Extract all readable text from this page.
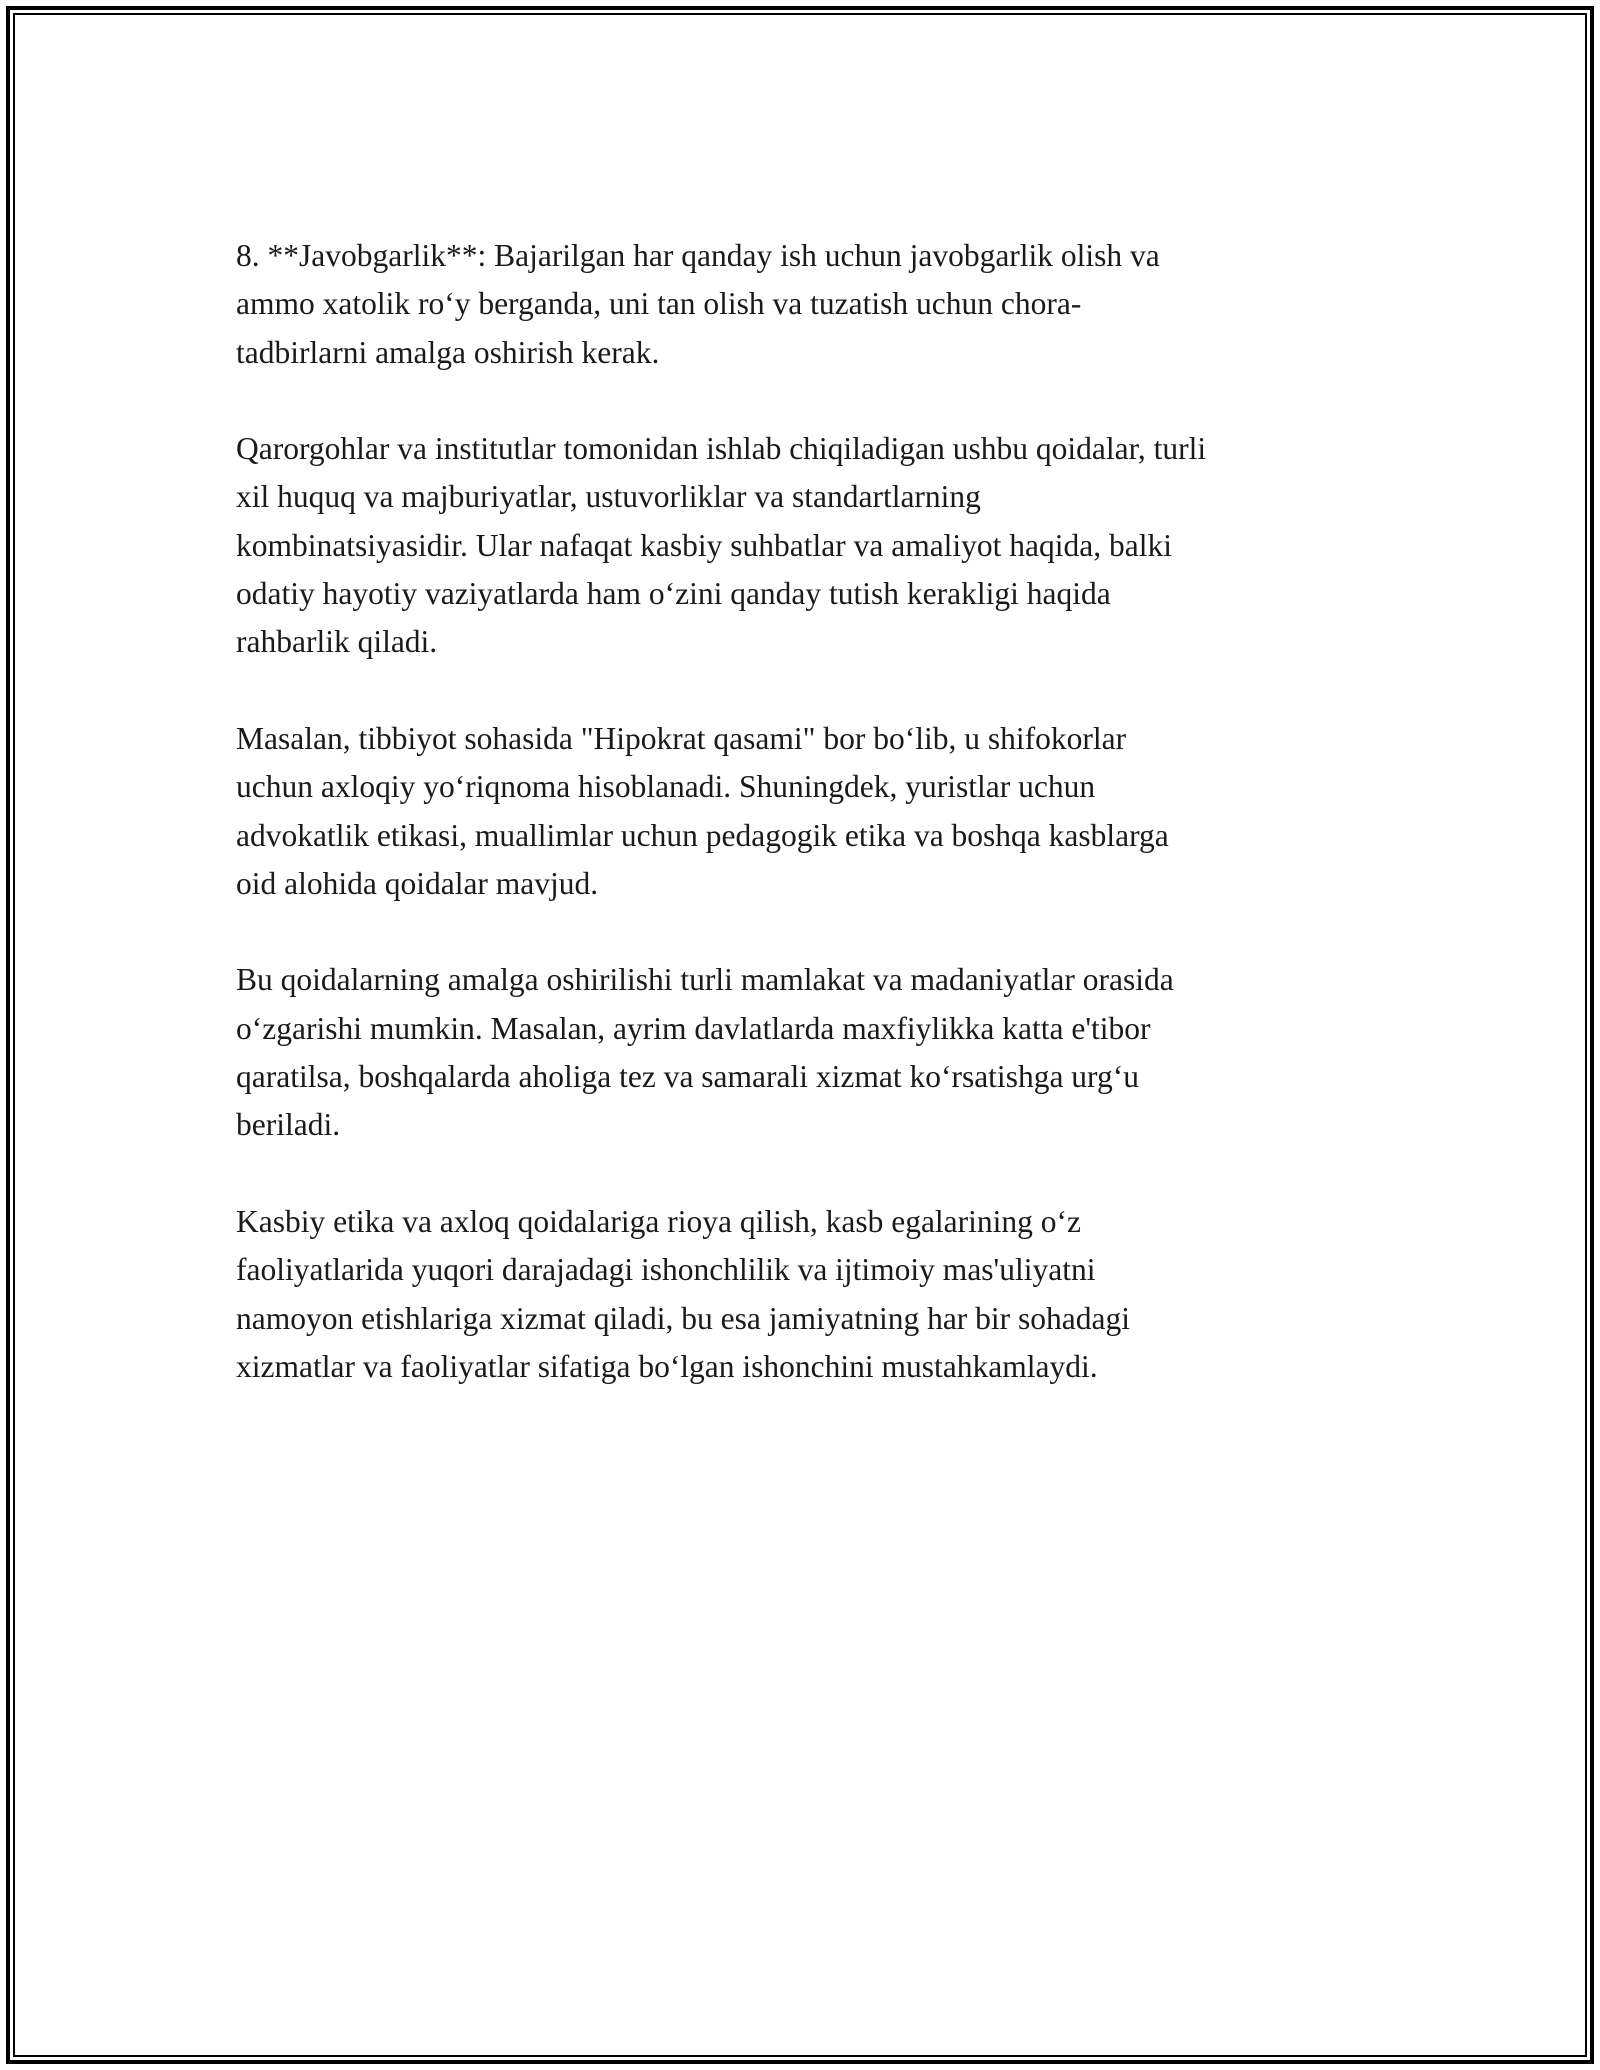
8. **Javobgarlik**: Bajarilgan har qanday ish uchun javobgarlik olish va
ammo xatolik ro‘y berganda, uni tan olish va tuzatish uchun chora-
tadbirlarni amalga oshirish kerak.

Qarorgohlar va institutlar tomonidan ishlab chiqiladigan ushbu qoidalar, turli
xil huquq va majburiyatlar, ustuvorliklar va standartlarning
kombinatsiyasidir. Ular nafaqat kasbiy suhbatlar va amaliyot haqida, balki
odatiy hayotiy vaziyatlarda ham o‘zini qanday tutish kerakligi haqida
rahbarlik qiladi.

Masalan, tibbiyot sohasida "Hipokrat qasami" bor bo‘lib, u shifokorlar
uchun axloqiy yo‘riqnoma hisoblanadi. Shuningdek, yuristlar uchun
advokatlik etikasi, muallimlar uchun pedagogik etika va boshqa kasblarga
oid alohida qoidalar mavjud.

Bu qoidalarning amalga oshirilishi turli mamlakat va madaniyatlar orasida
o‘zgarishi mumkin. Masalan, ayrim davlatlarda maxfiylikka katta e'tibor
qaratilsa, boshqalarda aholiga tez va samarali xizmat ko‘rsatishga urg‘u
beriladi.

Kasbiy etika va axloq qoidalariga rioya qilish, kasb egalarining o‘z
faoliyatlarida yuqori darajadagi ishonchlilik va ijtimoiy mas'uliyatni
namoyon etishlariga xizmat qiladi, bu esa jamiyatning har bir sohadagi
xizmatlar va faoliyatlar sifatiga bo‘lgan ishonchini mustahkamlaydi.
